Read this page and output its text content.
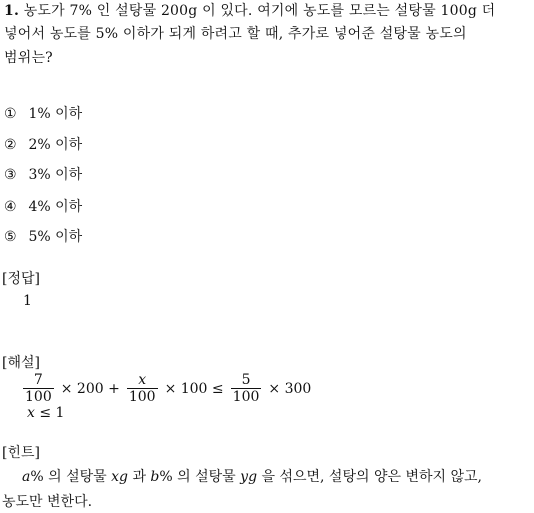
1. 농도가 7% 인 설탕물 200g 이 있다. 여기에 농도를 모르는 설탕물 100g 더
넣어서 농도를 5% 이하가 되게 하려고 할 때, 추가로 넣어준 설탕물 농도의
범위는?
① 1% 이하
② 2% 이하
③ 3% 이하
④ 4% 이하
⑤ 5% 이하
[정답]
1
[해설]
$\frac{7}{100} \times 200 + \frac{x}{100} \times 100 \le \frac{5}{100} \times 300$
x ≤ 1
[힌트]
a% 의 설탕물 xg 과 b% 의 설탕물 yg 을 섞으면, 설탕의 양은 변하지 않고,
농도만 변한다.
